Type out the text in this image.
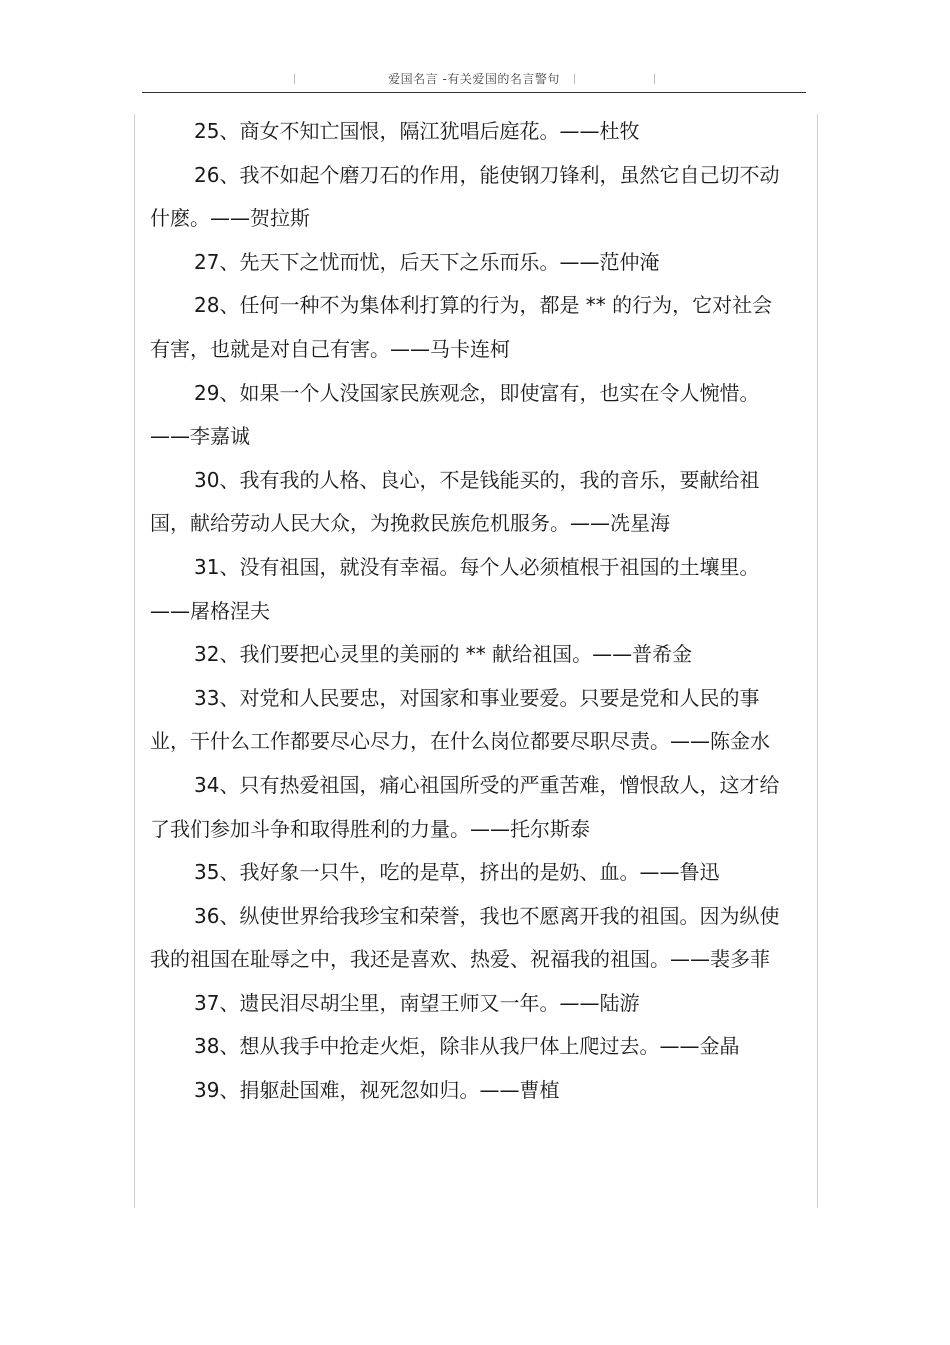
爱国名言 -有关爱国的名言警句

25、商女不知亡国恨，隔江犹唱后庭花。——杜牧

26、我不如起个磨刀石的作用，能使钢刀锋利，虽然它自己切不动什麽。——贺拉斯

27、先天下之忧而忧，后天下之乐而乐。——范仲淹

28、任何一种不为集体利打算的行为，都是 ** 的行为，它对社会有害，也就是对自己有害。——马卡连柯

29、如果一个人没国家民族观念，即使富有，也实在令人惋惜。——李嘉诚

30、我有我的人格、良心，不是钱能买的，我的音乐，要献给祖国，献给劳动人民大众，为挽救民族危机服务。——冼星海

31、没有祖国，就没有幸福。每个人必须植根于祖国的土壤里。——屠格涅夫

32、我们要把心灵里的美丽的 ** 献给祖国。——普希金

33、对党和人民要忠，对国家和事业要爱。只要是党和人民的事业，干什么工作都要尽心尽力，在什么岗位都要尽职尽责。——陈金水

34、只有热爱祖国，痛心祖国所受的严重苦难，憎恨敌人，这才给了我们参加斗争和取得胜利的力量。——托尔斯泰

35、我好象一只牛，吃的是草，挤出的是奶、血。——鲁迅

36、纵使世界给我珍宝和荣誉，我也不愿离开我的祖国。因为纵使我的祖国在耻辱之中，我还是喜欢、热爱、祝福我的祖国。——裴多菲

37、遗民泪尽胡尘里，南望王师又一年。——陆游

38、想从我手中抢走火炬，除非从我尸体上爬过去。——金晶

39、捐躯赴国难，视死忽如归。——曹植
